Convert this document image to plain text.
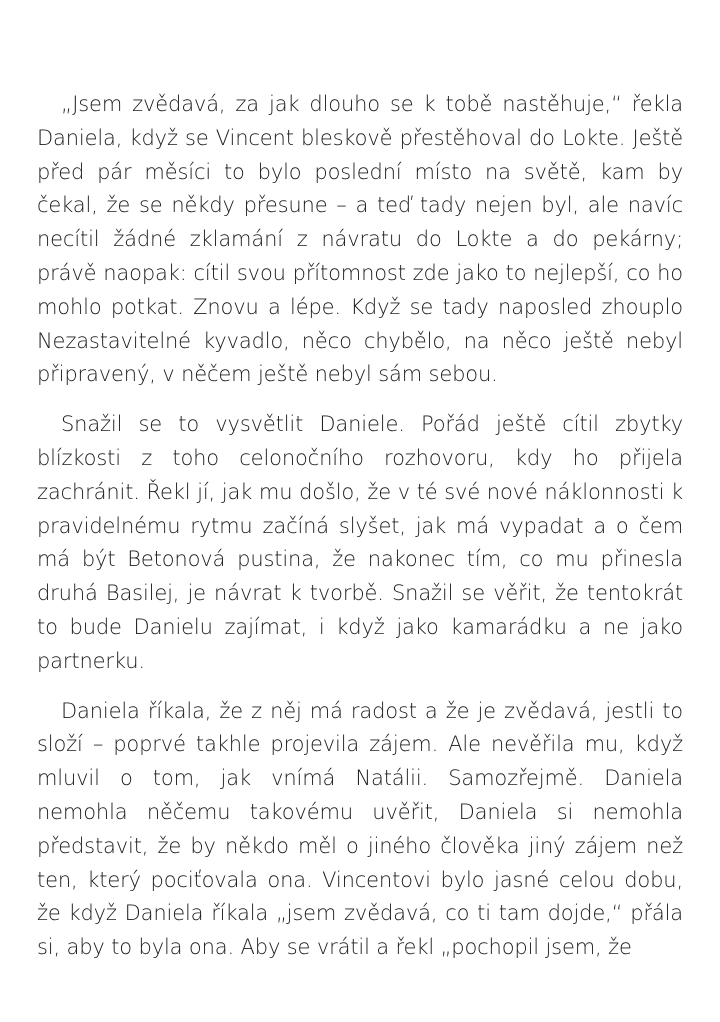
„Jsem zvědavá, za jak dlouho se k tobě nastěhuje,“ řekla Daniela, když se Vincent bleskově přestěhoval do Lokte. Ještě před pár měsíci to bylo poslední místo na světě, kam by čekal, že se někdy přesune – a teď tady nejen byl, ale navíc necítil žádné zklamání z návratu do Lokte a do pekárny; právě naopak: cítil svou přítomnost zde jako to nejlepší, co ho mohlo potkat. Znovu a lépe. Když se tady naposled zhouplo Nezastavitelné kyvadlo, něco chybělo, na něco ještě nebyl připravený, v něčem ještě nebyl sám sebou.

Snažil se to vysvětlit Daniele. Pořád ještě cítil zbytky blízkosti z toho celonočního rozhovoru, kdy ho přijela zachránit. Řekl jí, jak mu došlo, že v té své nové náklonnosti k pravidelnému rytmu začíná slyšet, jak má vypadat a o čem má být Betonová pustina, že nakonec tím, co mu přinesla druhá Basilej, je návrat k tvorbě. Snažil se věřit, že tentokrát to bude Danielu zajímat, i když jako kamarádku a ne jako partnerku.

Daniela říkala, že z něj má radost a že je zvědavá, jestli to složí – poprvé takhle projevila zájem. Ale nevěřila mu, když mluvil o tom, jak vnímá Natálii. Samozřejmě. Daniela nemohla něčemu takovému uvěřit, Daniela si nemohla představit, že by někdo měl o jiného člověka jiný zájem než ten, který pociťovala ona. Vincentovi bylo jasné celou dobu, že když Daniela říkala „jsem zvědavá, co ti tam dojde,“ přála si, aby to byla ona. Aby se vrátil a řekl „pochopil jsem, že
